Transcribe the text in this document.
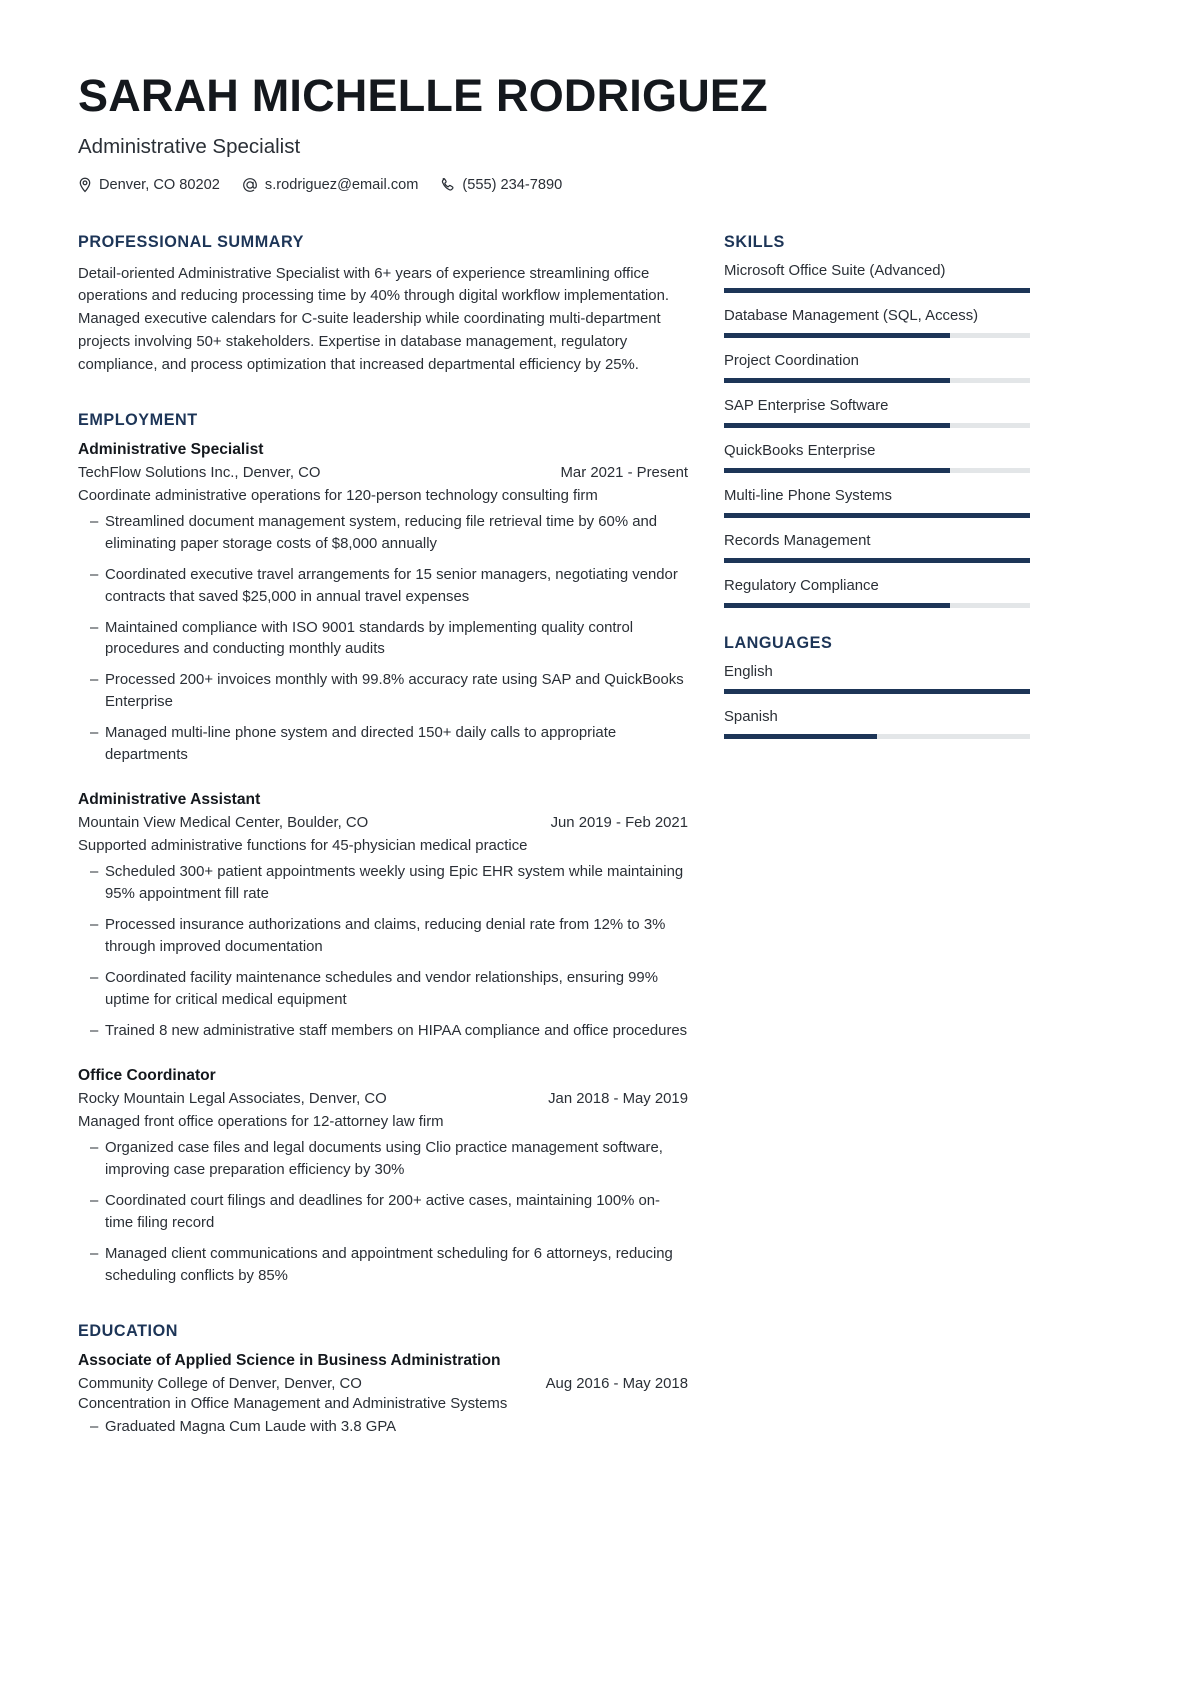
SARAH MICHELLE RODRIGUEZ
Administrative Specialist
Denver, CO 80202	s.rodriguez@email.com	(555) 234-7890
PROFESSIONAL SUMMARY
Detail-oriented Administrative Specialist with 6+ years of experience streamlining office operations and reducing processing time by 40% through digital workflow implementation. Managed executive calendars for C-suite leadership while coordinating multi-department projects involving 50+ stakeholders. Expertise in database management, regulatory compliance, and process optimization that increased departmental efficiency by 25%.
EMPLOYMENT
Administrative Specialist
TechFlow Solutions Inc., Denver, CO	Mar 2021 - Present
Coordinate administrative operations for 120-person technology consulting firm
– Streamlined document management system, reducing file retrieval time by 60% and eliminating paper storage costs of $8,000 annually
– Coordinated executive travel arrangements for 15 senior managers, negotiating vendor contracts that saved $25,000 in annual travel expenses
– Maintained compliance with ISO 9001 standards by implementing quality control procedures and conducting monthly audits
– Processed 200+ invoices monthly with 99.8% accuracy rate using SAP and QuickBooks Enterprise
– Managed multi-line phone system and directed 150+ daily calls to appropriate departments
Administrative Assistant
Mountain View Medical Center, Boulder, CO	Jun 2019 - Feb 2021
Supported administrative functions for 45-physician medical practice
– Scheduled 300+ patient appointments weekly using Epic EHR system while maintaining 95% appointment fill rate
– Processed insurance authorizations and claims, reducing denial rate from 12% to 3% through improved documentation
– Coordinated facility maintenance schedules and vendor relationships, ensuring 99% uptime for critical medical equipment
– Trained 8 new administrative staff members on HIPAA compliance and office procedures
Office Coordinator
Rocky Mountain Legal Associates, Denver, CO	Jan 2018 - May 2019
Managed front office operations for 12-attorney law firm
– Organized case files and legal documents using Clio practice management software, improving case preparation efficiency by 30%
– Coordinated court filings and deadlines for 200+ active cases, maintaining 100% on-time filing record
– Managed client communications and appointment scheduling for 6 attorneys, reducing scheduling conflicts by 85%
EDUCATION
Associate of Applied Science in Business Administration
Community College of Denver, Denver, CO	Aug 2016 - May 2018
Concentration in Office Management and Administrative Systems
– Graduated Magna Cum Laude with 3.8 GPA
SKILLS
Microsoft Office Suite (Advanced)
Database Management (SQL, Access)
Project Coordination
SAP Enterprise Software
QuickBooks Enterprise
Multi-line Phone Systems
Records Management
Regulatory Compliance
LANGUAGES
English
Spanish
